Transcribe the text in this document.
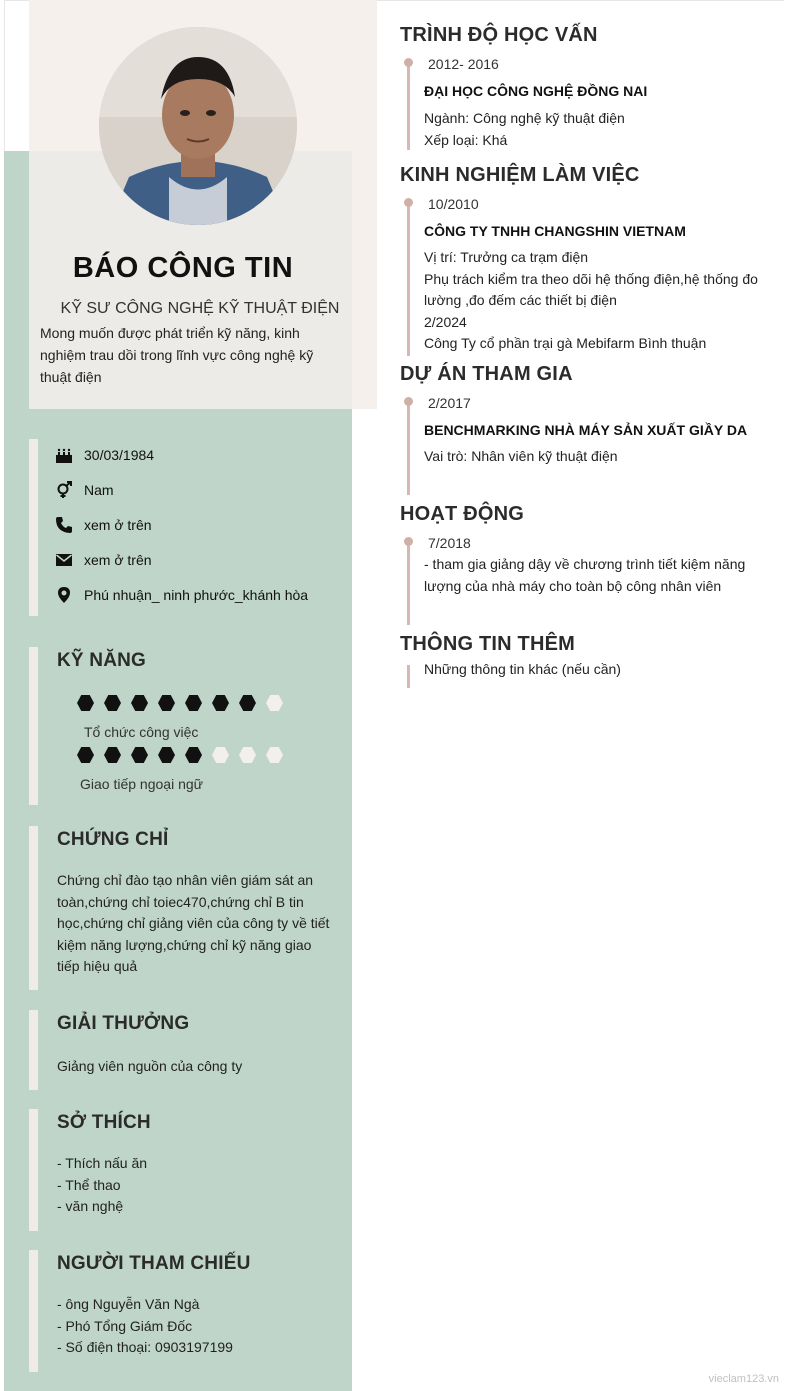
BÁO CÔNG TIN
KỸ SƯ CÔNG NGHỆ KỸ THUẬT ĐIỆN
Mong muốn được phát triển kỹ năng, kinh nghiệm trau dồi trong lĩnh vực công nghệ kỹ thuật điện
30/03/1984
Nam
xem ở trên
xem ở trên
Phú nhuận_ ninh phước_khánh hòa
KỸ NĂNG
Tổ chức công việc
Giao tiếp ngoại ngữ
CHỨNG CHỈ
Chứng chỉ đào tạo nhân viên giám sát an toàn,chứng chỉ toiec470,chứng chỉ B tin học,chứng chỉ giảng viên của công ty về tiết kiệm năng lượng,chứng chỉ kỹ năng giao tiếp hiệu quả
GIẢI THƯỞNG
Giảng viên nguồn của công ty
SỞ THÍCH
- Thích nấu ăn
- Thể thao
- văn nghệ
NGƯỜI THAM CHIẾU
- ông Nguyễn Văn Ngà
- Phó Tổng Giám Đốc
- Số điện thoại: 0903197199
TRÌNH ĐỘ HỌC VẤN
2012- 2016
ĐẠI HỌC CÔNG NGHỆ ĐỒNG NAI
Ngành: Công nghệ kỹ thuật điện
Xếp loại: Khá
KINH NGHIỆM LÀM VIỆC
10/2010
CÔNG TY TNHH CHANGSHIN VIETNAM
Vị trí: Trưởng ca trạm điện
Phụ trách kiểm tra theo dõi hệ thống điện,hệ thống đo lường ,đo đếm các thiết bị điện
2/2024
Công Ty cổ phần trại gà Mebifarm Bình thuận
DỰ ÁN THAM GIA
2/2017
BENCHMARKING NHÀ MÁY SẢN XUẤT GIẦY DA
Vai trò: Nhân viên kỹ thuật điện
HOẠT ĐỘNG
7/2018
- tham gia giảng dậy về chương trình tiết kiệm năng lượng của nhà máy cho toàn bộ công nhân viên
THÔNG TIN THÊM
Những thông tin khác (nếu cần)
vieclam123.vn
